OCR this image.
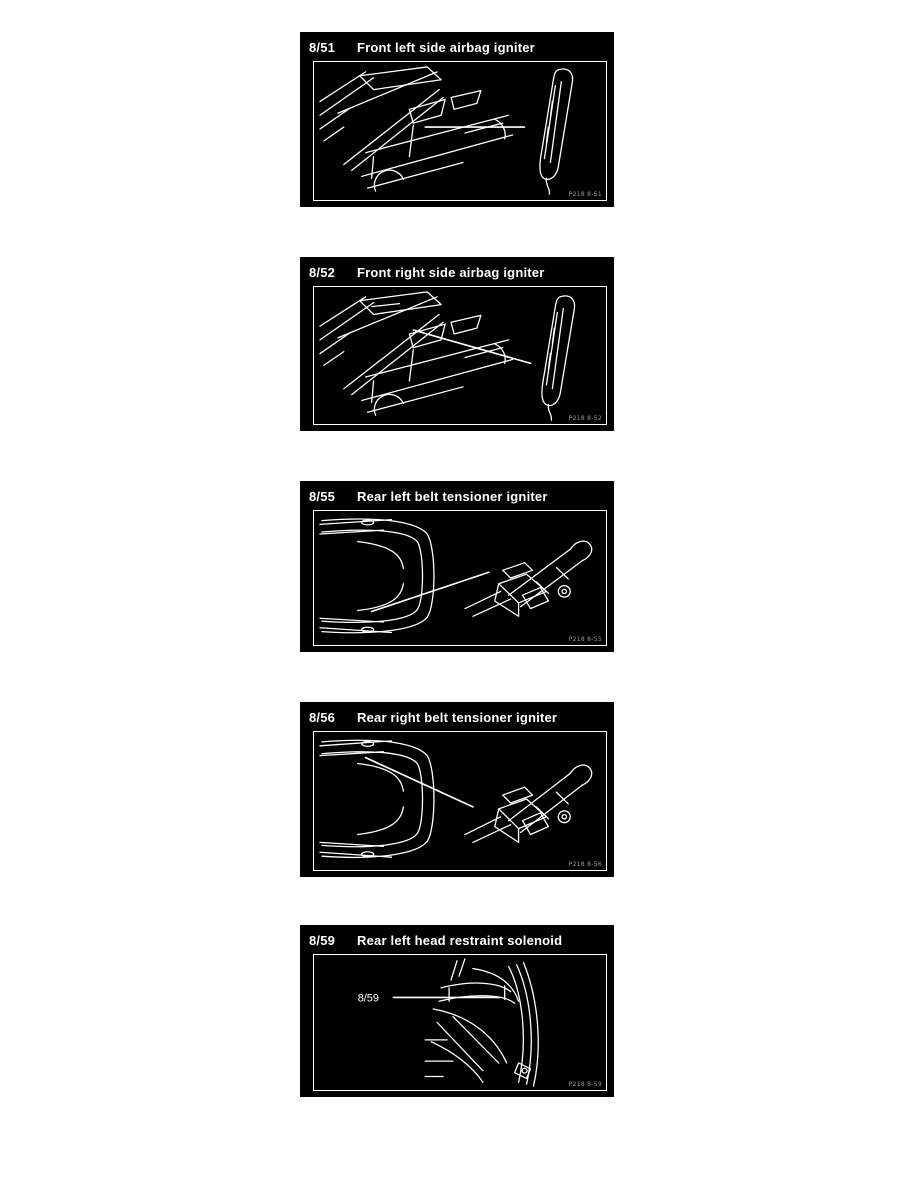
8/51 Front left side airbag igniter
P218 8-51
8/52 Front right side airbag igniter
P218 8-52
8/55 Rear left belt tensioner igniter
P218 8-55
8/56 Rear right belt tensioner igniter
P218 8-56
8/59 Rear left head restraint solenoid
8/59
P218 8-59
